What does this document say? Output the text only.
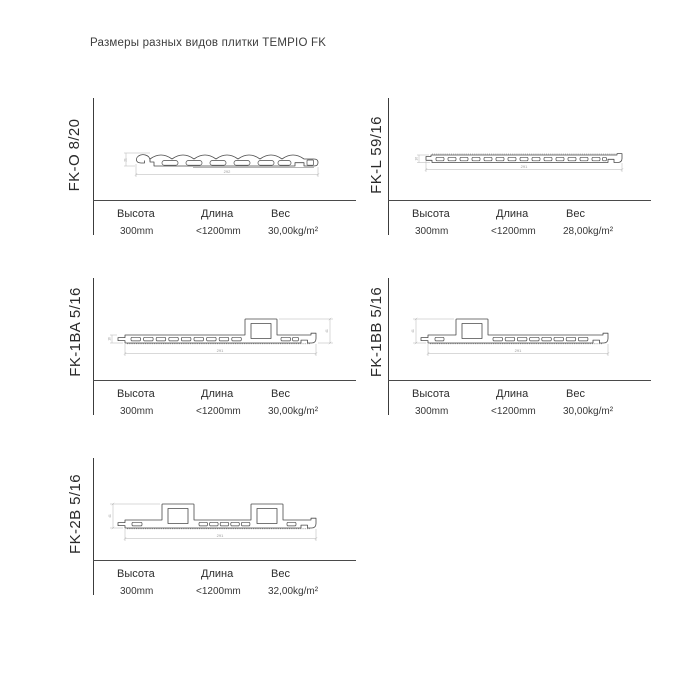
Размеры разных видов плитки TEMPIO FK
FK-O 8/20	292
21
Высота	Длина	Вес
300mm	<1200mm	30,00kg/m²
FK-L 59/16	291
16
Высота	Длина	Вес
300mm	<1200mm	28,00kg/m²
FK-1BA 5/16	16
41
291
Высота	Длина	Вес
300mm	<1200mm	30,00kg/m²
FK-1BB 5/16	41
291
Высота	Длина	Вес
300mm	<1200mm	30,00kg/m²
FK-2B 5/16	41
291
Высота	Длина	Вес
300mm	<1200mm	32,00kg/m²
